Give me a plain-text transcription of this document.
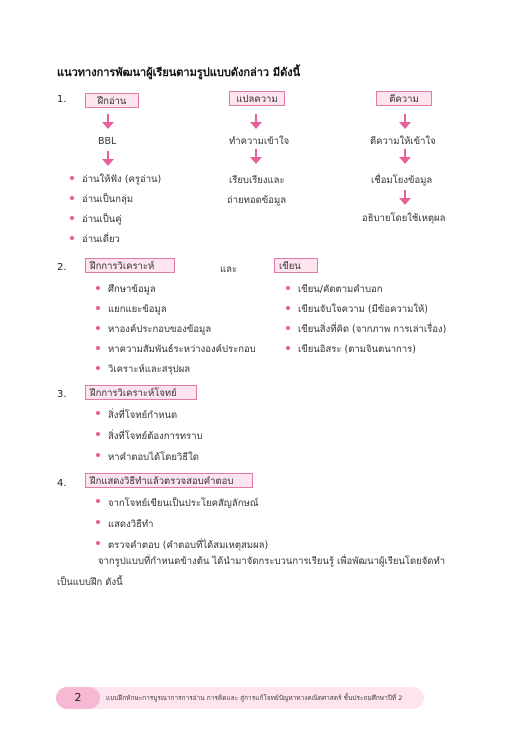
แนวทางการพัฒนาผู้เรียนตามรูปแบบดังกล่าว มีดังนี้
1.	ฝึกอ่าน	แปลความ	ตีความ
BBL	ทำความเข้าใจ	ตีความให้เข้าใจ
อ่านให้ฟัง (ครูอ่าน)
อ่านเป็นกลุ่ม
อ่านเป็นคู่
อ่านเดี่ยว
เรียบเรียงและ
ถ่ายทอดข้อมูล
เชื่อมโยงข้อมูล
อธิบายโดยใช้เหตุผล
2.	ฝึกการวิเคราะห์	และ	เขียน
ศึกษาข้อมูล
แยกแยะข้อมูล
หาองค์ประกอบของข้อมูล
หาความสัมพันธ์ระหว่างองค์ประกอบ
วิเคราะห์และสรุปผล
เขียน/คัดตามคำบอก
เขียนจับใจความ (มีข้อความให้)
เขียนสิ่งที่คิด (จากภาพ การเล่าเรื่อง)
เขียนอิสระ (ตามจินตนาการ)
3.	ฝึกการวิเคราะห์โจทย์
สิ่งที่โจทย์กำหนด
สิ่งที่โจทย์ต้องการทราบ
หาคำตอบได้โดยวิธีใด
4.	ฝึกแสดงวิธีทำแล้วตรวจสอบคำตอบ
จากโจทย์เขียนเป็นประโยคสัญลักษณ์
แสดงวิธีทำ
ตรวจคำตอบ (คำตอบที่ได้สมเหตุสมผล)
จากรูปแบบที่กำหนดข้างต้น ได้นำมาจัดกระบวนการเรียนรู้ เพื่อพัฒนาผู้เรียนโดยจัดทำ
เป็นแบบฝึก ดังนี้
2	แบบฝึกทักษะการบูรณาการการอ่าน การคิดและ สู่การแก้โจทย์ปัญหาทางคณิตศาสตร์ ชั้นประถมศึกษาปีที่ 2
